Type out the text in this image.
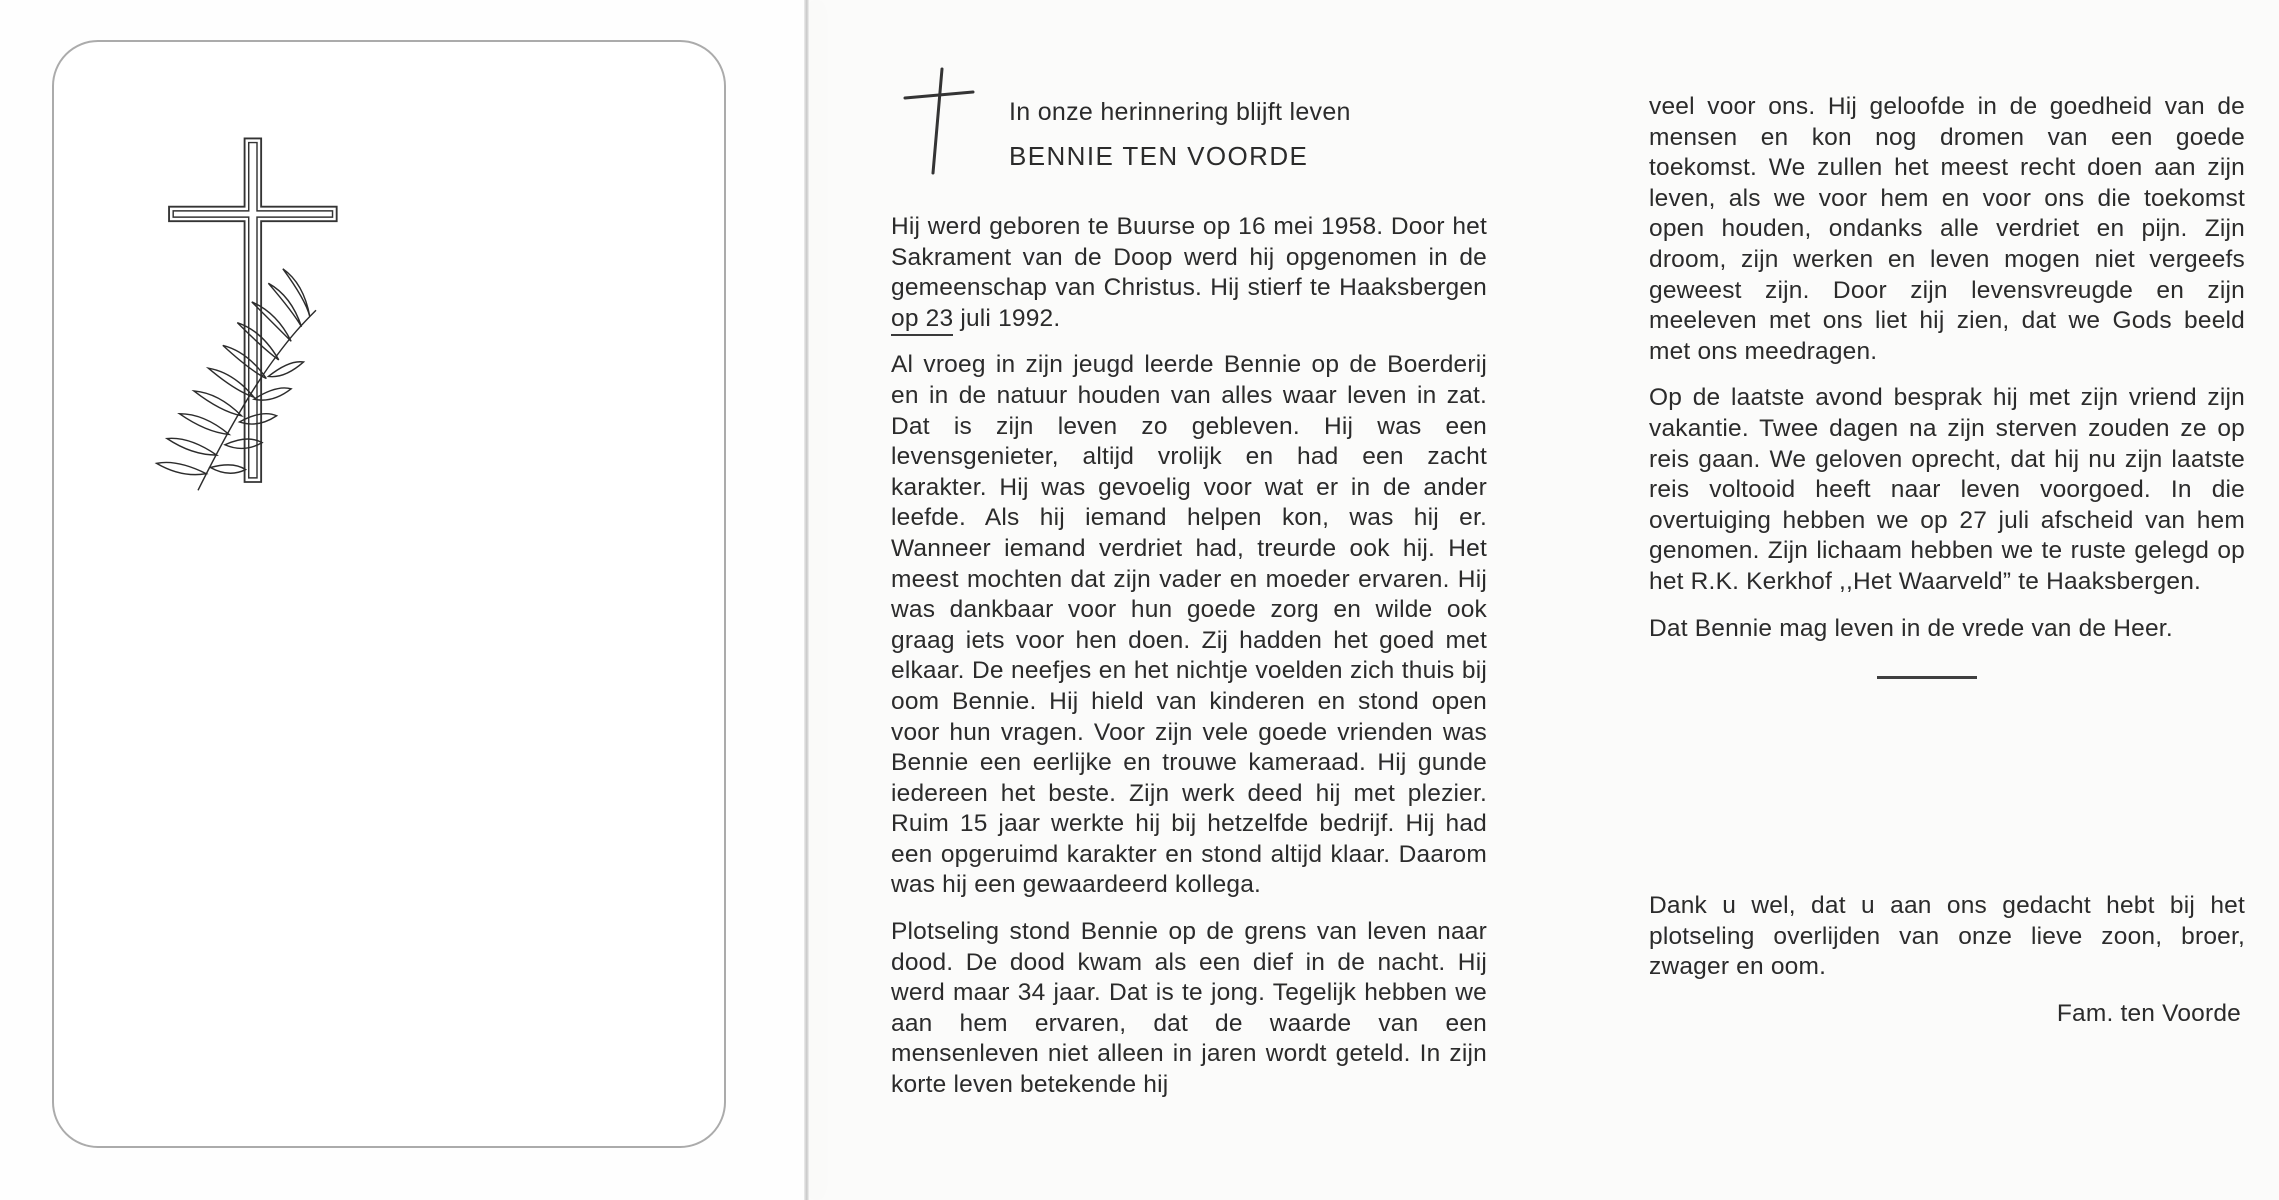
In onze herinnering blijft leven

BENNIE TEN VOORDE

Hij werd geboren te Buurse op 16 mei 1958. Door het Sakrament van de Doop werd hij opgenomen in de gemeenschap van Christus. Hij stierf te Haaksbergen op 23 juli 1992.

Al vroeg in zijn jeugd leerde Bennie op de Boerderij en in de natuur houden van alles waar leven in zat. Dat is zijn leven zo gebleven. Hij was een levensgenieter, altijd vrolijk en had een zacht karakter. Hij was gevoelig voor wat er in de ander leefde. Als hij iemand helpen kon, was hij er. Wanneer iemand verdriet had, treurde ook hij. Het meest mochten dat zijn vader en moeder ervaren. Hij was dankbaar voor hun goede zorg en wilde ook graag iets voor hen doen. Zij hadden het goed met elkaar. De neefjes en het nichtje voelden zich thuis bij oom Bennie. Hij hield van kinderen en stond open voor hun vragen. Voor zijn vele goede vrienden was Bennie een eerlijke en trouwe kameraad. Hij gunde iedereen het beste. Zijn werk deed hij met plezier. Ruim 15 jaar werkte hij bij hetzelfde bedrijf. Hij had een opgeruimd karakter en stond altijd klaar. Daarom was hij een gewaardeerd kollega.

Plotseling stond Bennie op de grens van leven naar dood. De dood kwam als een dief in de nacht. Hij werd maar 34 jaar. Dat is te jong. Tegelijk hebben we aan hem ervaren, dat de waarde van een mensenleven niet alleen in jaren wordt geteld. In zijn korte leven betekende hij

veel voor ons. Hij geloofde in de goedheid van de mensen en kon nog dromen van een goede toekomst. We zullen het meest recht doen aan zijn leven, als we voor hem en voor ons die toekomst open houden, ondanks alle verdriet en pijn. Zijn droom, zijn werken en leven mogen niet vergeefs geweest zijn. Door zijn levensvreugde en zijn meeleven met ons liet hij zien, dat we Gods beeld met ons meedragen.

Op de laatste avond besprak hij met zijn vriend zijn vakantie. Twee dagen na zijn sterven zouden ze op reis gaan. We geloven oprecht, dat hij nu zijn laatste reis voltooid heeft naar leven voorgoed. In die overtuiging hebben we op 27 juli afscheid van hem genomen. Zijn lichaam hebben we te ruste gelegd op het R.K. Kerkhof ,,Het Waarveld” te Haaksbergen.

Dat Bennie mag leven in de vrede van de Heer.

Dank u wel, dat u aan ons gedacht hebt bij het plotseling overlijden van onze lieve zoon, broer, zwager en oom.

Fam. ten Voorde
